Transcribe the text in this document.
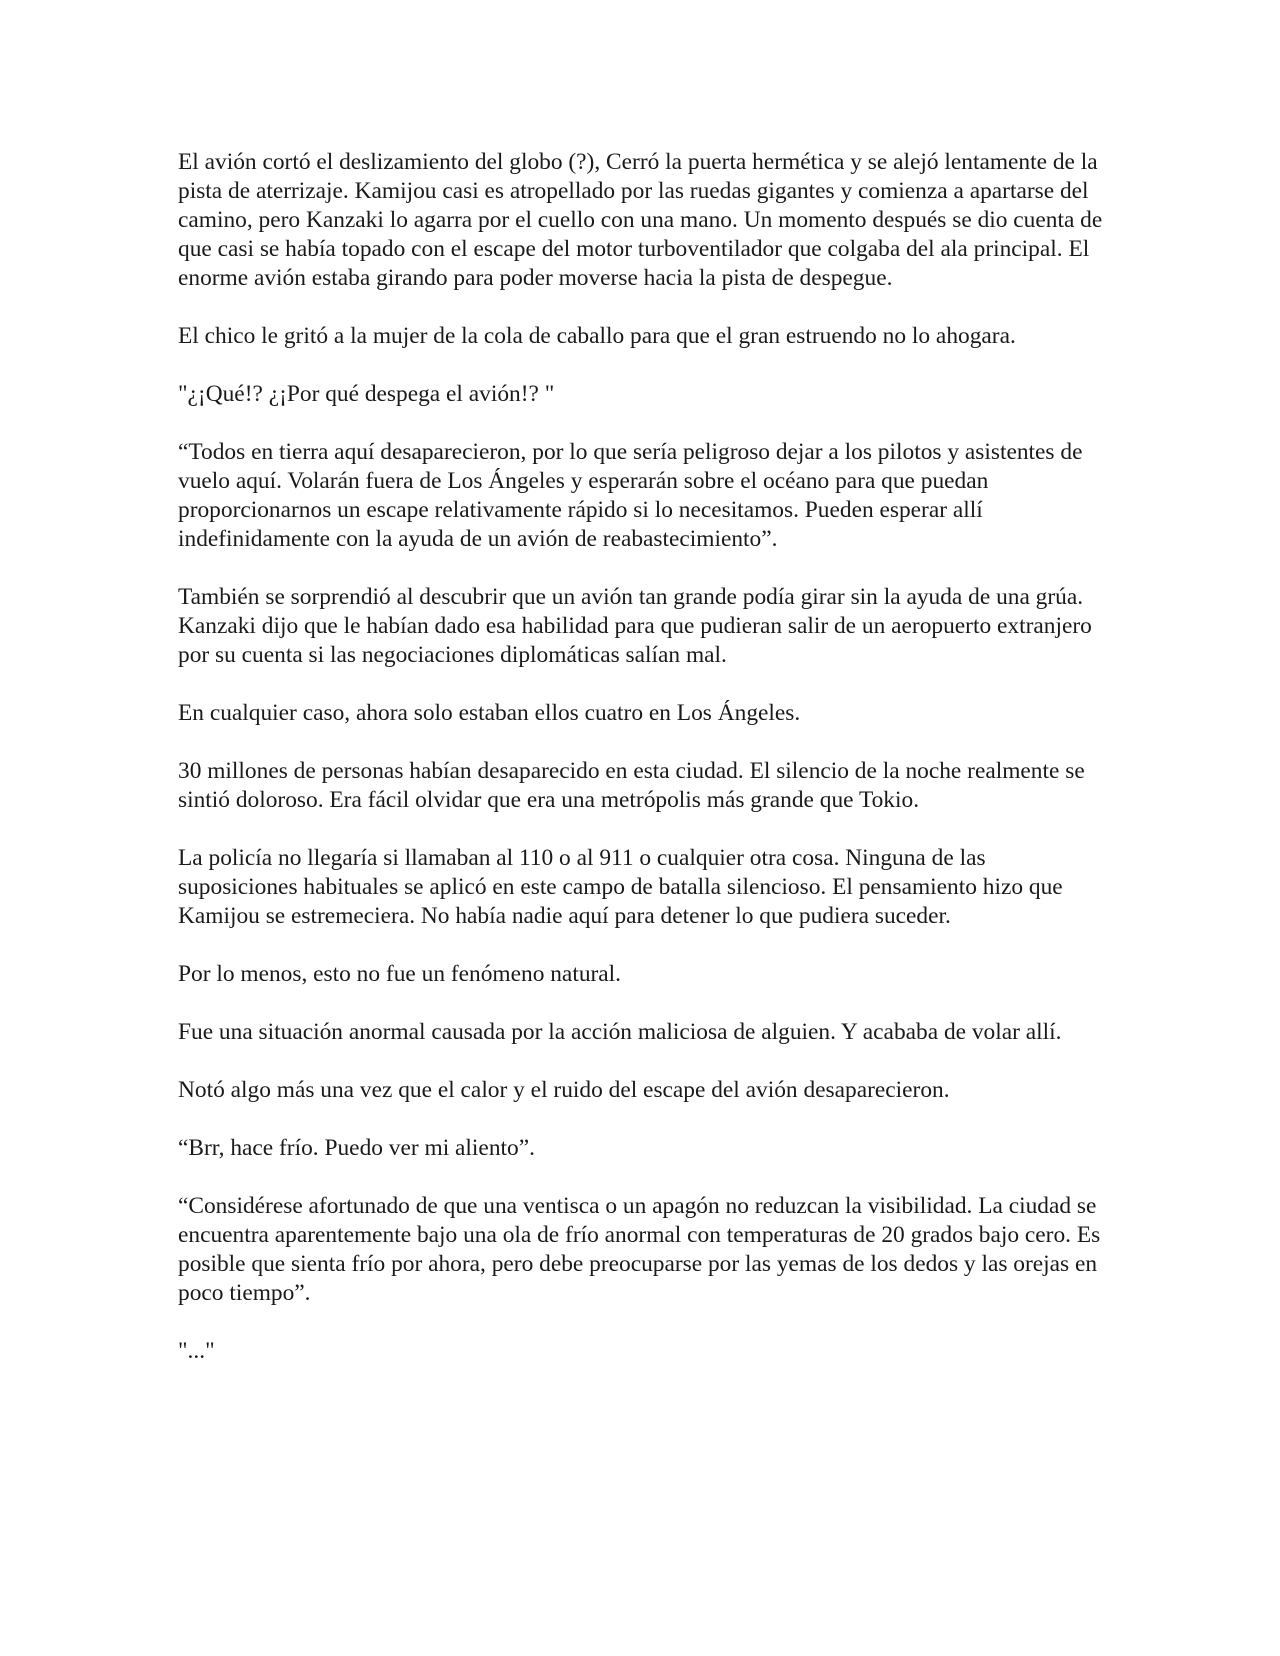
El avión cortó el deslizamiento del globo (?), Cerró la puerta hermética y se alejó lentamente de la pista de aterrizaje. Kamijou casi es atropellado por las ruedas gigantes y comienza a apartarse del camino, pero Kanzaki lo agarra por el cuello con una mano. Un momento después se dio cuenta de que casi se había topado con el escape del motor turboventilador que colgaba del ala principal. El enorme avión estaba girando para poder moverse hacia la pista de despegue.

El chico le gritó a la mujer de la cola de caballo para que el gran estruendo no lo ahogara.

"¿¡Qué!? ¿¡Por qué despega el avión!? "

“Todos en tierra aquí desaparecieron, por lo que sería peligroso dejar a los pilotos y asistentes de vuelo aquí. Volarán fuera de Los Ángeles y esperarán sobre el océano para que puedan proporcionarnos un escape relativamente rápido si lo necesitamos. Pueden esperar allí indefinidamente con la ayuda de un avión de reabastecimiento”.

También se sorprendió al descubrir que un avión tan grande podía girar sin la ayuda de una grúa. Kanzaki dijo que le habían dado esa habilidad para que pudieran salir de un aeropuerto extranjero por su cuenta si las negociaciones diplomáticas salían mal.

En cualquier caso, ahora solo estaban ellos cuatro en Los Ángeles.

30 millones de personas habían desaparecido en esta ciudad. El silencio de la noche realmente se sintió doloroso. Era fácil olvidar que era una metrópolis más grande que Tokio.

La policía no llegaría si llamaban al 110 o al 911 o cualquier otra cosa. Ninguna de las suposiciones habituales se aplicó en este campo de batalla silencioso. El pensamiento hizo que Kamijou se estremeciera. No había nadie aquí para detener lo que pudiera suceder.

Por lo menos, esto no fue un fenómeno natural.

Fue una situación anormal causada por la acción maliciosa de alguien. Y acababa de volar allí.

Notó algo más una vez que el calor y el ruido del escape del avión desaparecieron.

“Brr, hace frío. Puedo ver mi aliento”.

“Considérese afortunado de que una ventisca o un apagón no reduzcan la visibilidad. La ciudad se encuentra aparentemente bajo una ola de frío anormal con temperaturas de 20 grados bajo cero. Es posible que sienta frío por ahora, pero debe preocuparse por las yemas de los dedos y las orejas en poco tiempo”.

"..."
